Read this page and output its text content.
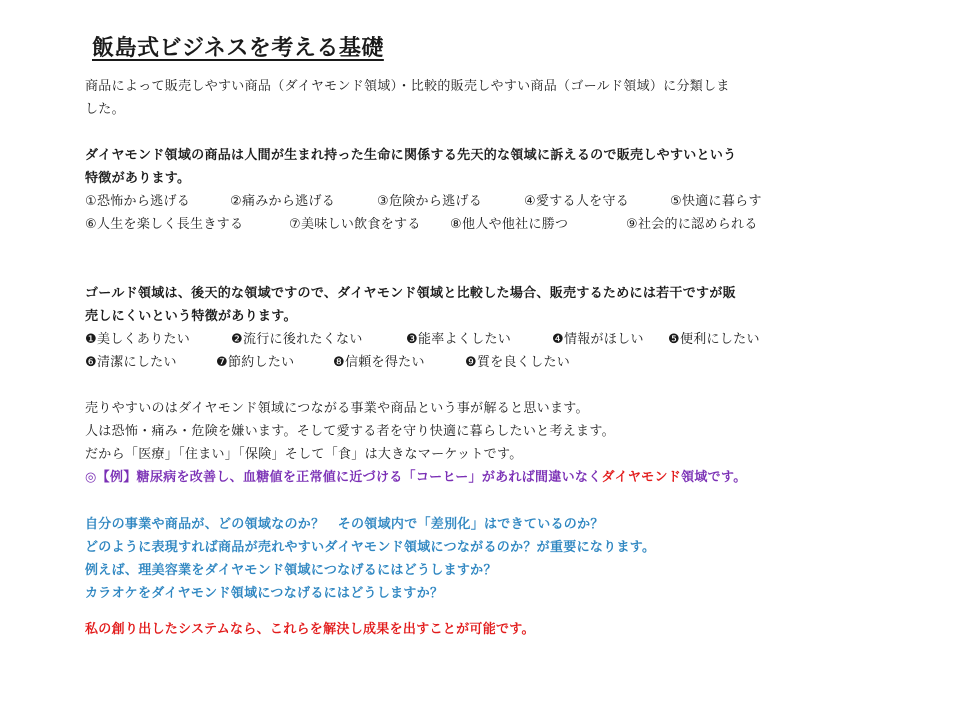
飯島式ビジネスを考える基礎
商品によって販売しやすい商品（ダイヤモンド領域）・比較的販売しやすい商品（ゴールド領域）に分類しま
した。
ダイヤモンド領域の商品は人間が生まれ持った生命に関係する先天的な領域に訴えるので販売しやすいという
特徴があります。
①恐怖から逃げる	②痛みから逃げる	③危険から逃げる	④愛する人を守る	⑤快適に暮らす
⑥人生を楽しく長生きする	⑦美味しい飲食をする ⑧他人や他社に勝つ	⑨社会的に認められる
ゴールド領域は、後天的な領域ですので、ダイヤモンド領域と比較した場合、販売するためには若干ですが販
売しにくいという特徴があります。
❶美しくありたい	❷流行に後れたくない	❸能率よくしたい	❹情報がほしい ❺便利にしたい
❻清潔にしたい	❼節約したい	❽信頼を得たい	❾質を良くしたい
売りやすいのはダイヤモンド領域につながる事業や商品という事が解ると思います。
人は恐怖・痛み・危険を嫌います。そして愛する者を守り快適に暮らしたいと考えます。
だから「医療」「住まい」「保険」そして「食」は大きなマーケットです。
◎【例】糖尿病を改善し、血糖値を正常値に近づける「コーヒー」があれば間違いなくダイヤモンド領域です。
自分の事業や商品が、どの領域なのか？　その領域内で「差別化」はできているのか？
どのように表現すれば商品が売れやすいダイヤモンド領域につながるのか？が重要になります。
例えば、理美容業をダイヤモンド領域につなげるにはどうしますか？
カラオケをダイヤモンド領域につなげるにはどうしますか？
私の創り出したシステムなら、これらを解決し成果を出すことが可能です。
